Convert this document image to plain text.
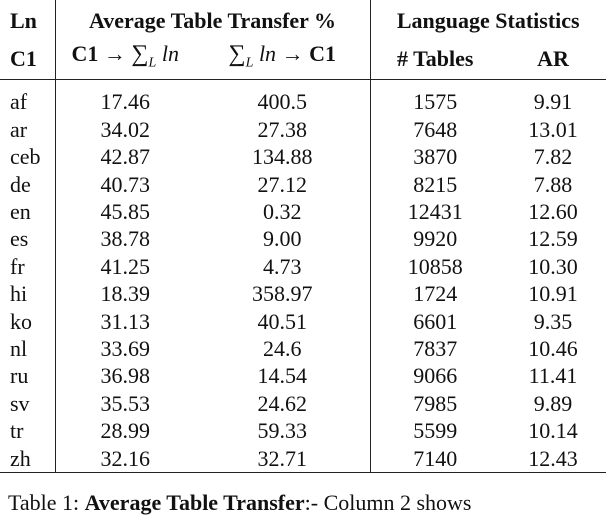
Ln	Average Table Transfer %		Language Statistics	
C1	$C1 \to \sum_L$ ln	$\sum_L$ ln → C1	# Tables	AR
af	17.46	400.5	1575	9.91
ar	34.02	27.38	7648	13.01
ceb	42.87	134.88	3870	7.82
de	40.73	27.12	8215	7.88
en	45.85	0.32	12431	12.60
es	38.78	9.00	9920	12.59
fr	41.25	4.73	10858	10.30
hi	18.39	358.97	1724	10.91
ko	31.13	40.51	6601	9.35
nl	33.69	24.6	7837	10.46
ru	36.98	14.54	9066	11.41
sv	35.53	24.62	7985	9.89
tr	28.99	59.33	5599	10.14
zh	32.16	32.71	7140	12.43
Table 1: Average Table Transfer:- Column 2 shows
